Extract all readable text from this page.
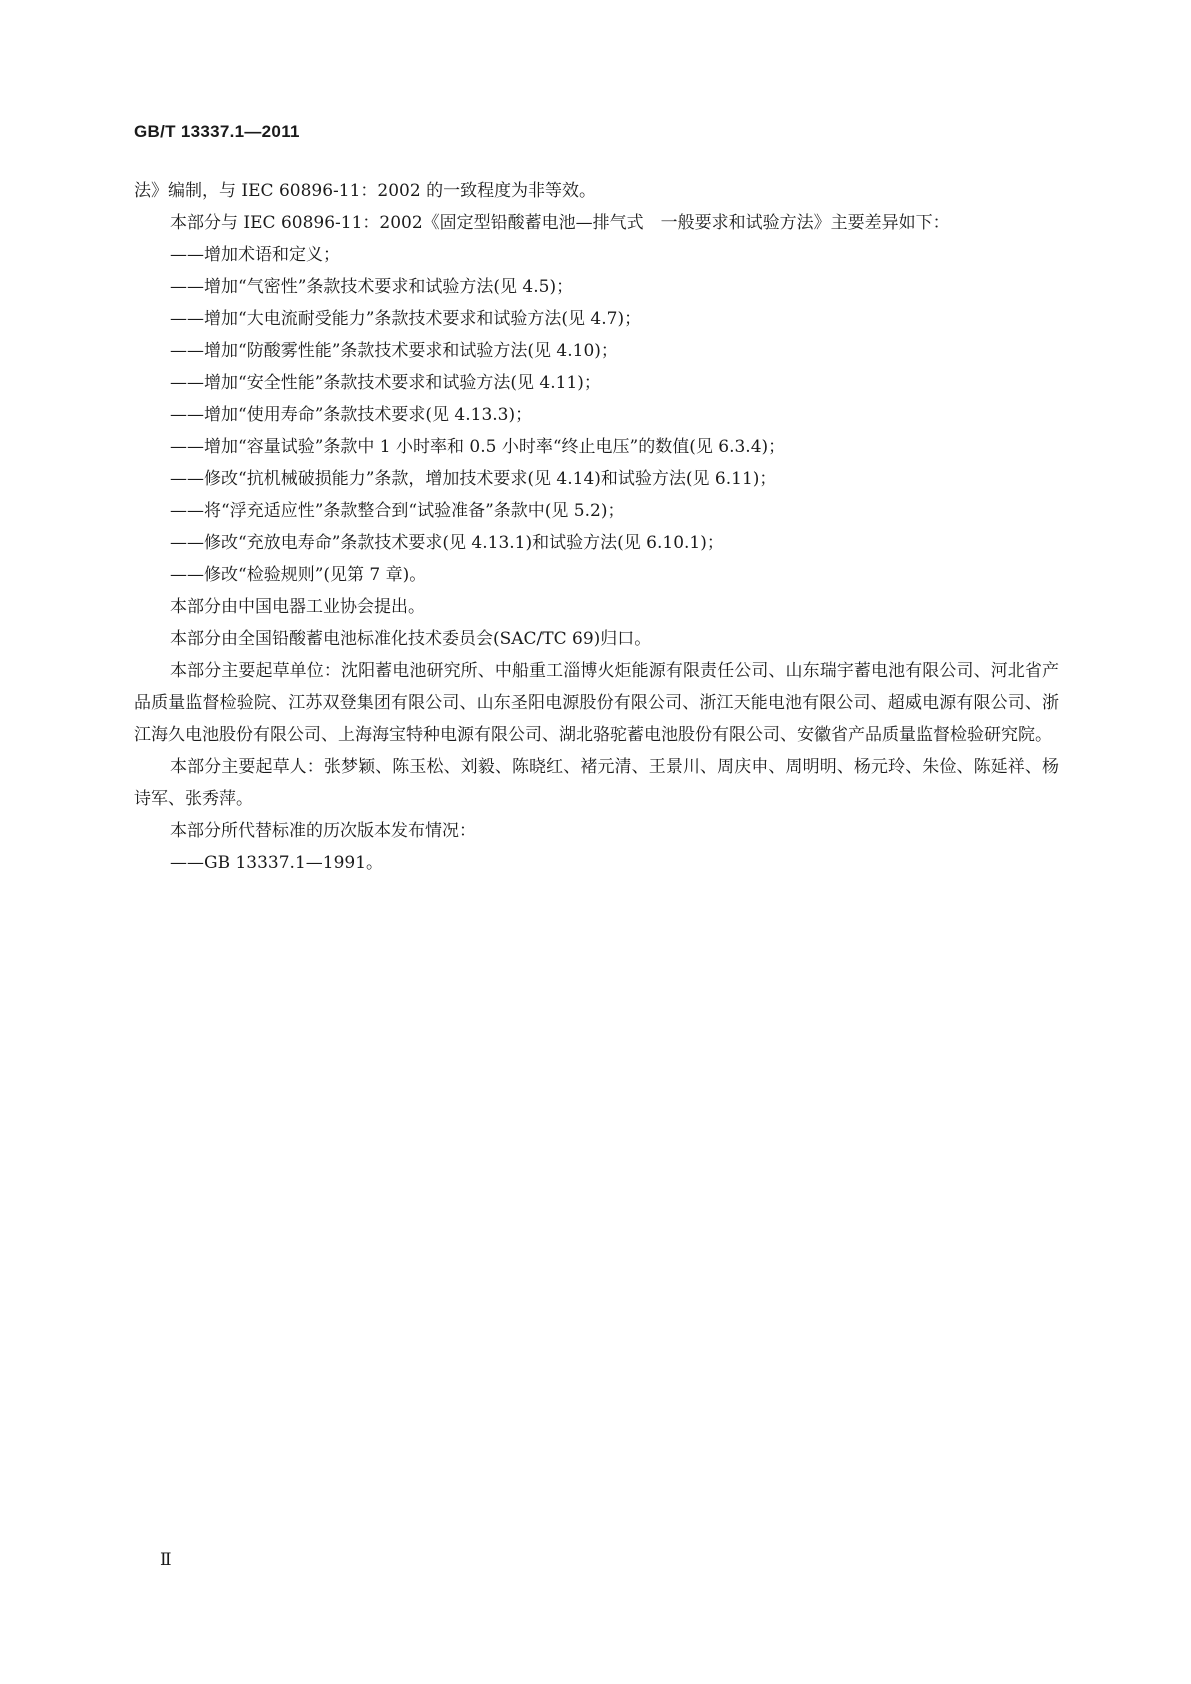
GB/T 13337.1—2011

法》编制，与 IEC 60896-11：2002 的一致程度为非等效。

本部分与 IEC 60896-11：2002《固定型铅酸蓄电池—排气式　一般要求和试验方法》主要差异如下：

——增加术语和定义；

——增加“气密性”条款技术要求和试验方法(见 4.5)；

——增加“大电流耐受能力”条款技术要求和试验方法(见 4.7)；

——增加“防酸雾性能”条款技术要求和试验方法(见 4.10)；

——增加“安全性能”条款技术要求和试验方法(见 4.11)；

——增加“使用寿命”条款技术要求(见 4.13.3)；

——增加“容量试验”条款中 1 小时率和 0.5 小时率“终止电压”的数值(见 6.3.4)；

——修改“抗机械破损能力”条款，增加技术要求(见 4.14)和试验方法(见 6.11)；

——将“浮充适应性”条款整合到“试验准备”条款中(见 5.2)；

——修改“充放电寿命”条款技术要求(见 4.13.1)和试验方法(见 6.10.1)；

——修改“检验规则”(见第 7 章)。

本部分由中国电器工业协会提出。

本部分由全国铅酸蓄电池标准化技术委员会(SAC/TC 69)归口。

本部分主要起草单位：沈阳蓄电池研究所、中船重工淄博火炬能源有限责任公司、山东瑞宇蓄电池有限公司、河北省产品质量监督检验院、江苏双登集团有限公司、山东圣阳电源股份有限公司、浙江天能电池有限公司、超威电源有限公司、浙江海久电池股份有限公司、上海海宝特种电源有限公司、湖北骆驼蓄电池股份有限公司、安徽省产品质量监督检验研究院。

本部分主要起草人：张梦颖、陈玉松、刘毅、陈晓红、褚元清、王景川、周庆申、周明明、杨元玲、朱俭、陈延祥、杨诗军、张秀萍。

本部分所代替标准的历次版本发布情况：

——GB 13337.1—1991。

Ⅱ
